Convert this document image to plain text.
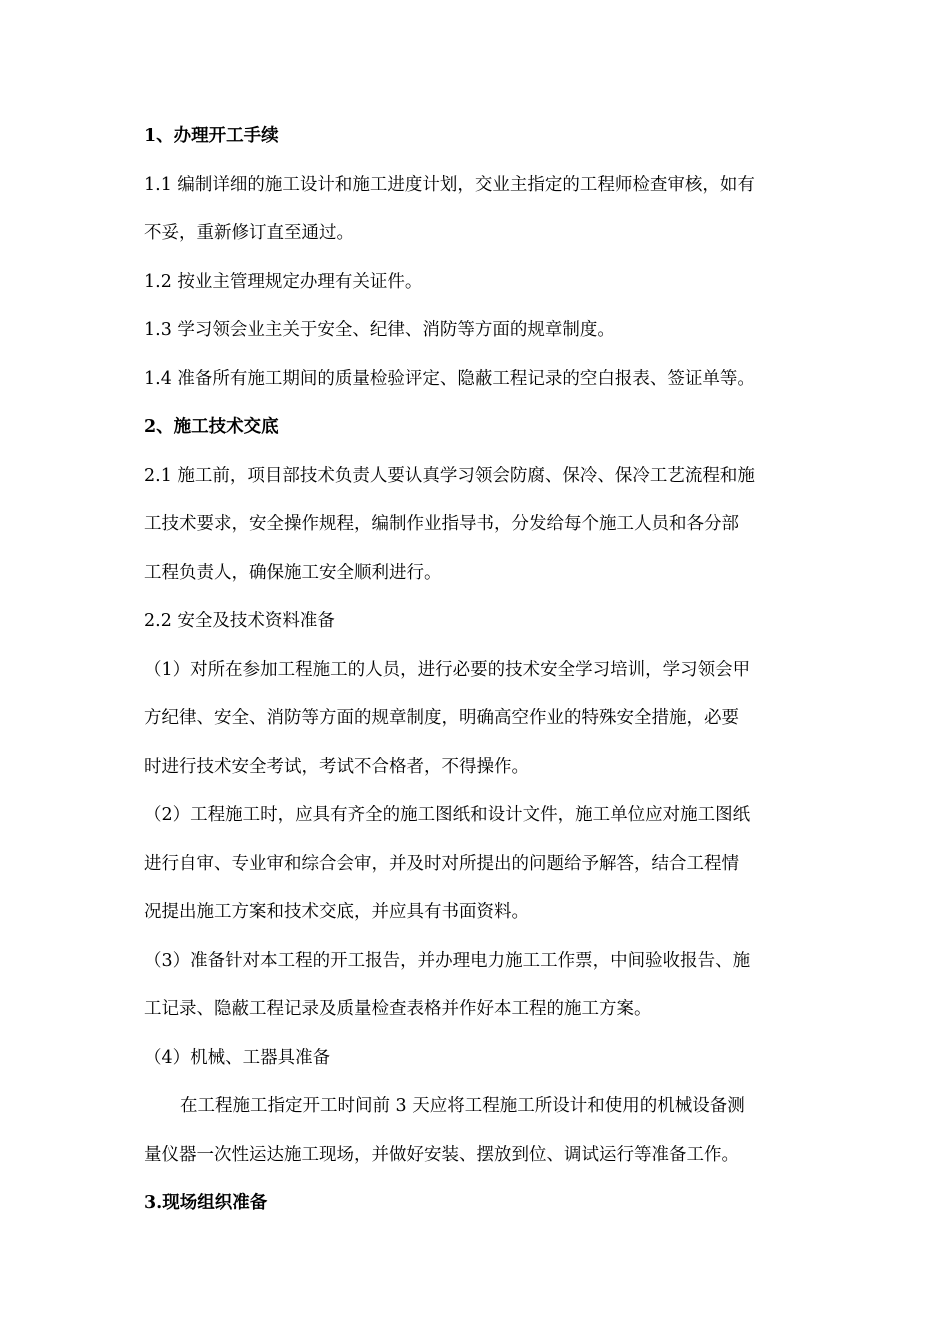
1、办理开工手续
1.1 编制详细的施工设计和施工进度计划，交业主指定的工程师检查审核，如有
不妥，重新修订直至通过。
1.2 按业主管理规定办理有关证件。
1.3 学习领会业主关于安全、纪律、消防等方面的规章制度。
1.4 准备所有施工期间的质量检验评定、隐蔽工程记录的空白报表、签证单等。
2、施工技术交底
2.1 施工前，项目部技术负责人要认真学习领会防腐、保冷、保冷工艺流程和施
工技术要求，安全操作规程，编制作业指导书，分发给每个施工人员和各分部
工程负责人，确保施工安全顺利进行。
2.2 安全及技术资料准备
（1）对所在参加工程施工的人员，进行必要的技术安全学习培训，学习领会甲
方纪律、安全、消防等方面的规章制度，明确高空作业的特殊安全措施，必要
时进行技术安全考试，考试不合格者，不得操作。
（2）工程施工时，应具有齐全的施工图纸和设计文件，施工单位应对施工图纸
进行自审、专业审和综合会审，并及时对所提出的问题给予解答，结合工程情
况提出施工方案和技术交底，并应具有书面资料。
（3）准备针对本工程的开工报告，并办理电力施工工作票，中间验收报告、施
工记录、隐蔽工程记录及质量检查表格并作好本工程的施工方案。
（4）机械、工器具准备
在工程施工指定开工时间前 3 天应将工程施工所设计和使用的机械设备测
量仪器一次性运达施工现场，并做好安装、摆放到位、调试运行等准备工作。
3.现场组织准备
